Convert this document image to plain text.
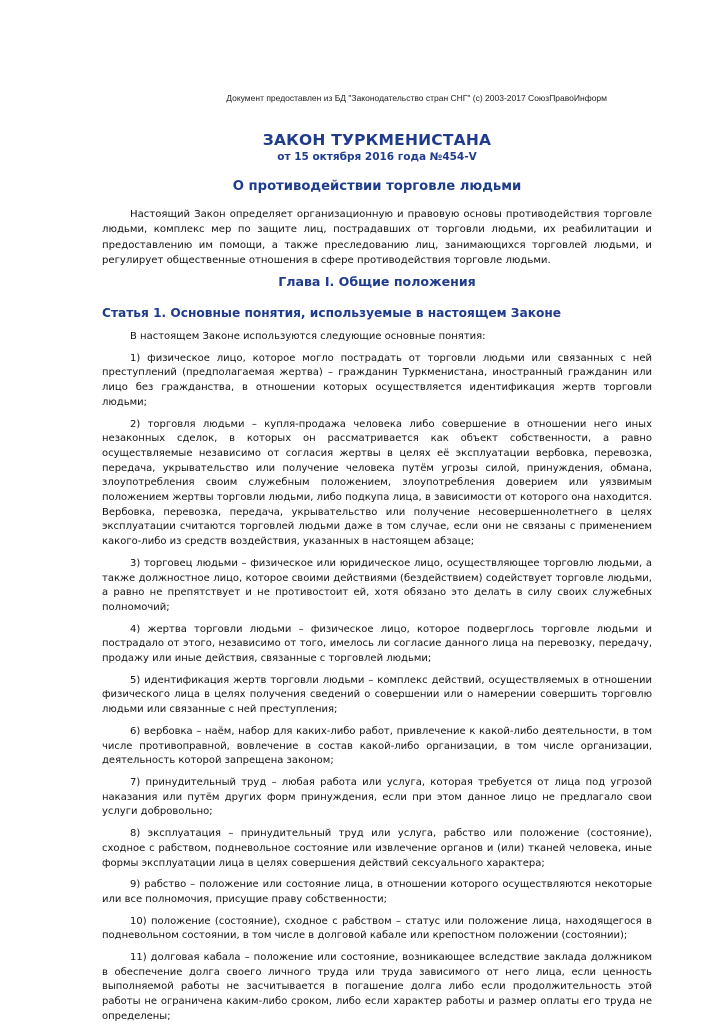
Документ предоставлен из БД "Законодательство стран СНГ" (с) 2003-2017 СоюзПравоИнформ
ЗАКОН ТУРКМЕНИСТАНА
от 15 октября 2016 года №454-V
О противодействии торговле людьми

Настоящий Закон определяет организационную и правовую основы противодействия торговле людьми, комплекс мер по защите лиц, пострадавших от торговли людьми, их реабилитации и предоставлению им помощи, а также преследованию лиц, занимающихся торговлей людьми, и регулирует общественные отношения в сфере противодействия торговле людьми.

Глава I. Общие положения
Статья 1. Основные понятия, используемые в настоящем Законе

В настоящем Законе используются следующие основные понятия:

1) физическое лицо, которое могло пострадать от торговли людьми или связанных с ней преступлений (предполагаемая жертва) – гражданин Туркменистана, иностранный гражданин или лицо без гражданства, в отношении которых осуществляется идентификация жертв торговли людьми;

2) торговля людьми – купля-продажа человека либо совершение в отношении него иных незаконных сделок, в которых он рассматривается как объект собственности, а равно осуществляемые независимо от согласия жертвы в целях её эксплуатации вербовка, перевозка, передача, укрывательство или получение человека путём угрозы силой, принуждения, обмана, злоупотребления своим служебным положением, злоупотребления доверием или уязвимым положением жертвы торговли людьми, либо подкупа лица, в зависимости от которого она находится. Вербовка, перевозка, передача, укрывательство или получение несовершеннолетнего в целях эксплуатации считаются торговлей людьми даже в том случае, если они не связаны с применением какого-либо из средств воздействия, указанных в настоящем абзаце;

3) торговец людьми – физическое или юридическое лицо, осуществляющее торговлю людьми, а также должностное лицо, которое своими действиями (бездействием) содействует торговле людьми, а равно не препятствует и не противостоит ей, хотя обязано это делать в силу своих служебных полномочий;

4) жертва торговли людьми – физическое лицо, которое подверглось торговле людьми и пострадало от этого, независимо от того, имелось ли согласие данного лица на перевозку, передачу, продажу или иные действия, связанные с торговлей людьми;

5) идентификация жертв торговли людьми – комплекс действий, осуществляемых в отношении физического лица в целях получения сведений о совершении или о намерении совершить торговлю людьми или связанные с ней преступления;

6) вербовка – наём, набор для каких-либо работ, привлечение к какой-либо деятельности, в том числе противоправной, вовлечение в состав какой-либо организации, в том числе организации, деятельность которой запрещена законом;

7) принудительный труд – любая работа или услуга, которая требуется от лица под угрозой наказания или путём других форм принуждения, если при этом данное лицо не предлагало свои услуги добровольно;

8) эксплуатация – принудительный труд или услуга, рабство или положение (состояние), сходное с рабством, подневольное состояние или извлечение органов и (или) тканей человека, иные формы эксплуатации лица в целях совершения действий сексуального характера;

9) рабство – положение или состояние лица, в отношении которого осуществляются некоторые или все полномочия, присущие праву собственности;

10) положение (состояние), сходное с рабством – статус или положение лица, находящегося в подневольном состоянии, в том числе в долговой кабале или крепостном положении (состоянии);

11) долговая кабала – положение или состояние, возникающее вследствие заклада должником в обеспечение долга своего личного труда или труда зависимого от него лица, если ценность выполняемой работы не засчитывается в погашение долга либо если продолжительность этой работы не ограничена каким-либо сроком, либо если характер работы и размер оплаты его труда не определены;
